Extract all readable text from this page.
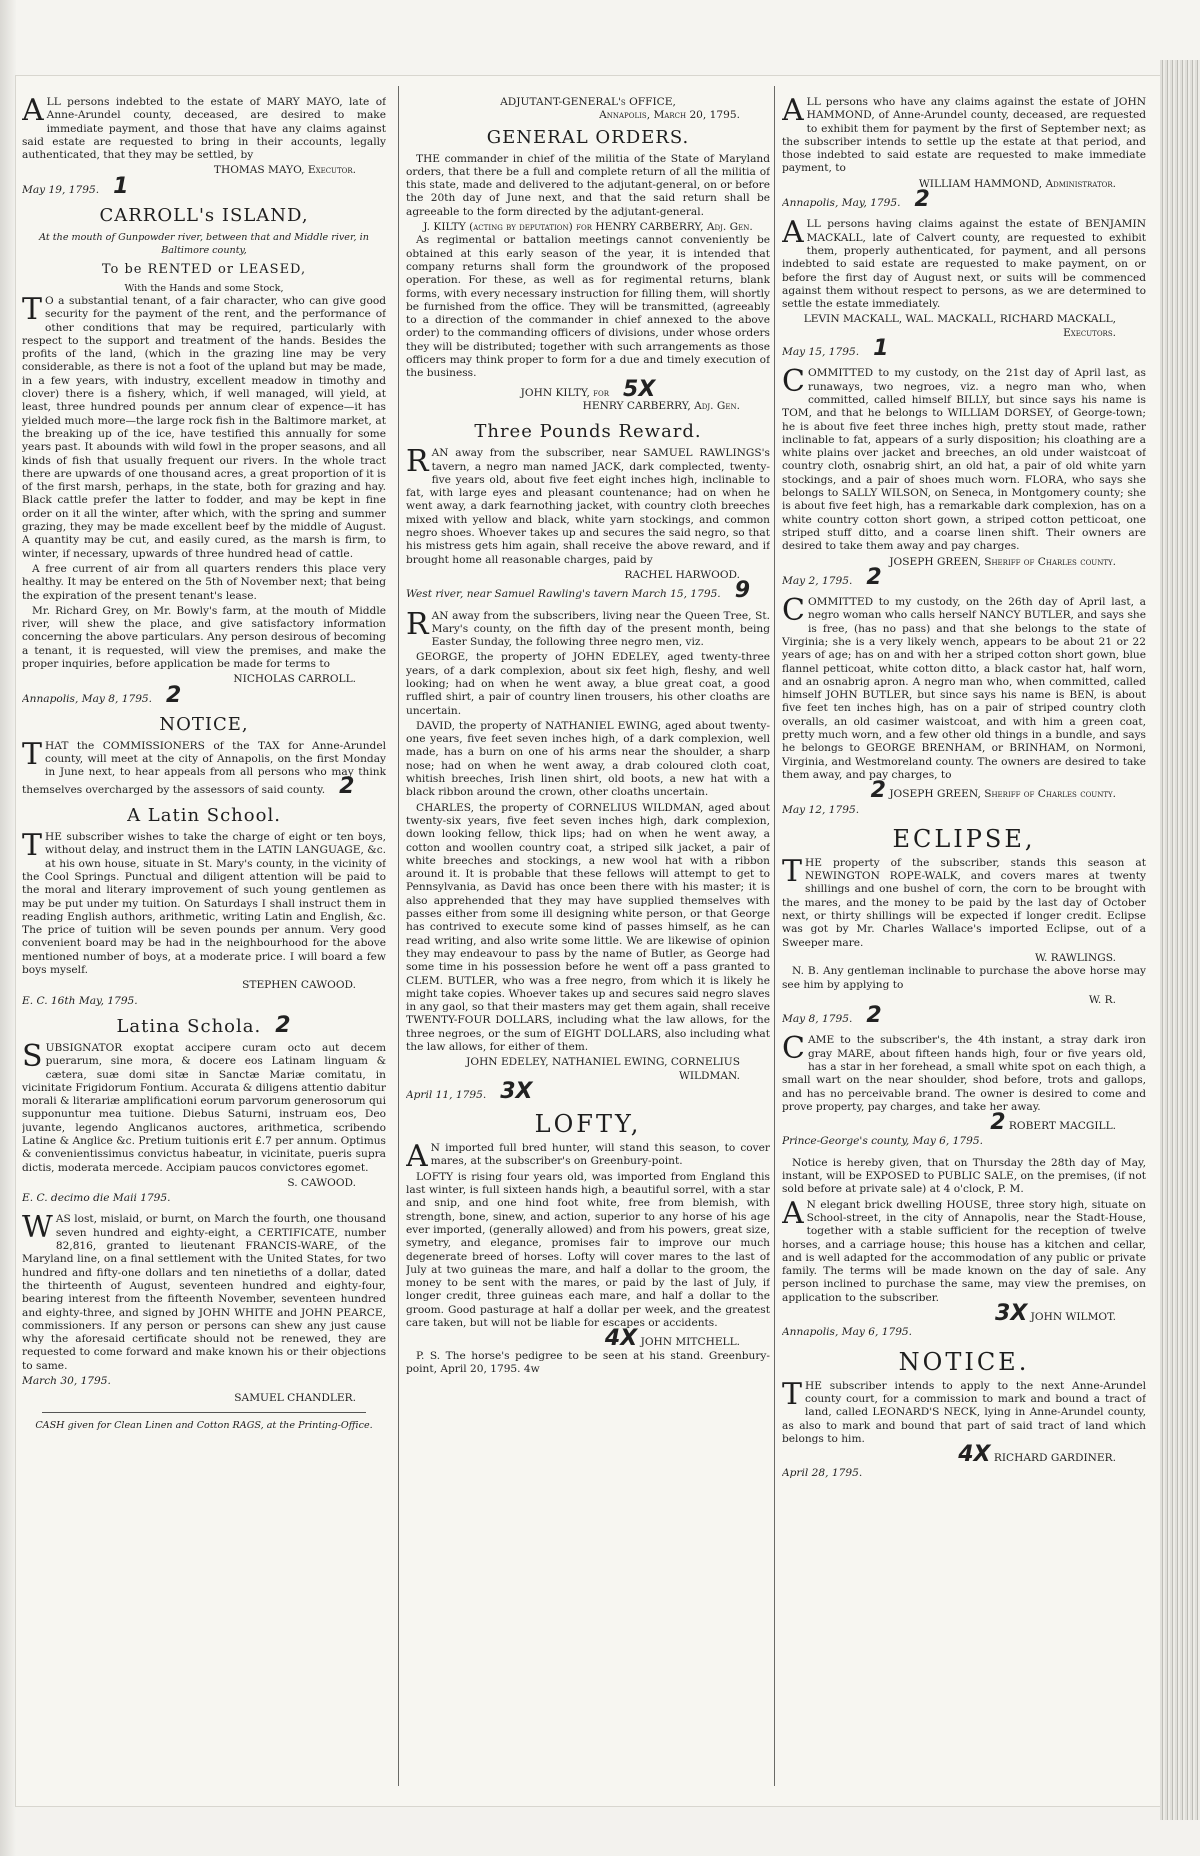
ALL persons indebted to the estate of MARY MAYO, late of Anne-Arundel county, deceased, are desired to make immediate payment, and those that have any claims against said estate are requested to bring in their accounts, legally authenticated, that they may be settled, by

THOMAS MAYO, Executor.
May 19, 1795. 1
CARROLL's ISLAND,
At the mouth of Gunpowder river, between that and Middle river, in Baltimore county,
To be RENTED or LEASED,
With the Hands and some Stock,

T O a substantial tenant, of a fair character, who can give good security for the payment of the rent, and the performance of other conditions that may be required, particularly with respect to the support and treatment of the hands. Besides the profits of the land, (which in the grazing line may be very considerable, as there is not a foot of the upland but may be made, in a few years, with industry, excellent meadow in timothy and clover) there is a fishery, which, if well managed, will yield, at least, three hundred pounds per annum clear of expence—it has yielded much more—the large rock fish in the Baltimore market, at the breaking up of the ice, have testified this annually for some years past. It abounds with wild fowl in the proper seasons, and all kinds of fish that usually frequent our rivers. In the whole tract there are upwards of one thousand acres, a great proportion of it is of the first marsh, perhaps, in the state, both for grazing and hay. Black cattle prefer the latter to fodder, and may be kept in fine order on it all the winter, after which, with the spring and summer grazing, they may be made excellent beef by the middle of August. A quantity may be cut, and easily cured, as the marsh is firm, to winter, if necessary, upwards of three hundred head of cattle.

A free current of air from all quarters renders this place very healthy. It may be entered on the 5th of November next; that being the expiration of the present tenant's lease.

Mr. Richard Grey, on Mr. Bowly's farm, at the mouth of Middle river, will shew the place, and give satisfactory information concerning the above particulars. Any person desirous of becoming a tenant, it is requested, will view the premises, and make the proper inquiries, before application be made for terms to

NICHOLAS CARROLL.
Annapolis, May 8, 1795. 2
NOTICE,

THAT the COMMISSIONERS of the TAX for Anne-Arundel county, will meet at the city of Annapolis, on the first Monday in June next, to hear appeals from all persons who may think themselves overcharged by the assessors of said county. 2

A Latin School.

THE subscriber wishes to take the charge of eight or ten boys, without delay, and instruct them in the LATIN LANGUAGE, &c. at his own house, situate in St. Mary's county, in the vicinity of the Cool Springs. Punctual and diligent attention will be paid to the moral and literary improvement of such young gentlemen as may be put under my tuition. On Saturdays I shall instruct them in reading English authors, arithmetic, writing Latin and English, &c. The price of tuition will be seven pounds per annum. Very good convenient board may be had in the neighbourhood for the above mentioned number of boys, at a moderate price. I will board a few boys myself.

STEPHEN CAWOOD.
E. C. 16th May, 1795.
Latina Schola. 2

SUBSIGNATOR exoptat accipere curam octo aut decem puerarum, sine mora, & docere eos Latinam linguam & cætera, suæ domi sitæ in Sanctæ Mariæ comitatu, in vicinitate Frigidorum Fontium. Accurata & diligens attentio dabitur morali & literariæ amplificationi eorum parvorum generosorum qui supponuntur mea tuitione. Diebus Saturni, instruam eos, Deo juvante, legendo Anglicanos auctores, arithmetica, scribendo Latine & Anglice &c. Pretium tuitionis erit £.7 per annum. Optimus & convenientissimus convictus habeatur, in vicinitate, pueris supra dictis, moderata mercede. Accipiam paucos convictores egomet.

S. CAWOOD.
E. C. decimo die Maii 1795.

WAS lost, mislaid, or burnt, on March the fourth, one thousand seven hundred and eighty-eight, a CERTIFICATE, number 82,816, granted to lieutenant FRANCIS-WARE, of the Maryland line, on a final settlement with the United States, for two hundred and fifty-one dollars and ten ninetieths of a dollar, dated the thirteenth of August, seventeen hundred and eighty-four, bearing interest from the fifteenth November, seventeen hundred and eighty-three, and signed by JOHN WHITE and JOHN PEARCE, commissioners. If any person or persons can shew any just cause why the aforesaid certificate should not be renewed, they are requested to come forward and make known his or their objections to same.

March 30, 1795.
SAMUEL CHANDLER.
CASH given for Clean Linen and Cotton RAGS, at the Printing-Office.
ADJUTANT-GENERAL's OFFICE,
Annapolis, March 20, 1795.
GENERAL ORDERS.

THE commander in chief of the militia of the State of Maryland orders, that there be a full and complete return of all the militia of this state, made and delivered to the adjutant-general, on or before the 20th day of June next, and that the said return shall be agreeable to the form directed by the adjutant-general.

J. KILTY (acting by deputation) for HENRY CARBERRY, Adj. Gen.

As regimental or battalion meetings cannot conveniently be obtained at this early season of the year, it is intended that company returns shall form the groundwork of the proposed operation. For these, as well as for regimental returns, blank forms, with every necessary instruction for filling them, will shortly be furnished from the office. They will be transmitted, (agreeably to a direction of the commander in chief annexed to the above order) to the commanding officers of divisions, under whose orders they will be distributed; together with such arrangements as those officers may think proper to form for a due and timely execution of the business.

JOHN KILTY, for 5X
HENRY CARBERRY, Adj. Gen.
Three Pounds Reward.

RAN away from the subscriber, near SAMUEL RAWLINGS's tavern, a negro man named JACK, dark complected, twenty-five years old, about five feet eight inches high, inclinable to fat, with large eyes and pleasant countenance; had on when he went away, a dark fearnothing jacket, with country cloth breeches mixed with yellow and black, white yarn stockings, and common negro shoes. Whoever takes up and secures the said negro, so that his mistress gets him again, shall receive the above reward, and if brought home all reasonable charges, paid by

RACHEL HARWOOD.
West river, near Samuel Rawling's tavern March 15, 1795. 9

RAN away from the subscribers, living near the Queen Tree, St. Mary's county, on the fifth day of the present month, being Easter Sunday, the following three negro men, viz.

GEORGE, the property of JOHN EDELEY, aged twenty-three years, of a dark complexion, about six feet high, fleshy, and well looking; had on when he went away, a blue great coat, a good ruffled shirt, a pair of country linen trousers, his other cloaths are uncertain.

DAVID, the property of NATHANIEL EWING, aged about twenty-one years, five feet seven inches high, of a dark complexion, well made, has a burn on one of his arms near the shoulder, a sharp nose; had on when he went away, a drab coloured cloth coat, whitish breeches, Irish linen shirt, old boots, a new hat with a black ribbon around the crown, other cloaths uncertain.

CHARLES, the property of CORNELIUS WILDMAN, aged about twenty-six years, five feet seven inches high, dark complexion, down looking fellow, thick lips; had on when he went away, a cotton and woollen country coat, a striped silk jacket, a pair of white breeches and stockings, a new wool hat with a ribbon around it. It is probable that these fellows will attempt to get to Pennsylvania, as David has once been there with his master; it is also apprehended that they may have supplied themselves with passes either from some ill designing white person, or that George has contrived to execute some kind of passes himself, as he can read writing, and also write some little. We are likewise of opinion they may endeavour to pass by the name of Butler, as George had some time in his possession before he went off a pass granted to CLEM. BUTLER, who was a free negro, from which it is likely he might take copies. Whoever takes up and secures said negro slaves in any gaol, so that their masters may get them again, shall receive TWENTY-FOUR DOLLARS, including what the law allows, for the three negroes, or the sum of EIGHT DOLLARS, also including what the law allows, for either of them.

JOHN EDELEY, NATHANIEL EWING, CORNELIUS WILDMAN.
April 11, 1795. 3X
LOFTY,

A N imported full bred hunter, will stand this season, to cover mares, at the subscriber's on Greenbury-point.

LOFTY is rising four years old, was imported from England this last winter, is full sixteen hands high, a beautiful sorrel, with a star and snip, and one hind foot white, free from blemish, with strength, bone, sinew, and action, superior to any horse of his age ever imported, (generally allowed) and from his powers, great size, symetry, and elegance, promises fair to improve our much degenerate breed of horses. Lofty will cover mares to the last of July at two guineas the mare, and half a dollar to the groom, the money to be sent with the mares, or paid by the last of July, if longer credit, three guineas each mare, and half a dollar to the groom. Good pasturage at half a dollar per week, and the greatest care taken, but will not be liable for escapes or accidents.

4X JOHN MITCHELL.

P. S. The horse's pedigree to be seen at his stand. Greenbury-point, April 20, 1795. 4w

ALL persons who have any claims against the estate of JOHN HAMMOND, of Anne-Arundel county, deceased, are requested to exhibit them for payment by the first of September next; as the subscriber intends to settle up the estate at that period, and those indebted to said estate are requested to make immediate payment, to

WILLIAM HAMMOND, Administrator.
Annapolis, May, 1795. 2

ALL persons having claims against the estate of BENJAMIN MACKALL, late of Calvert county, are requested to exhibit them, properly authenticated, for payment, and all persons indebted to said estate are requested to make payment, on or before the first day of August next, or suits will be commenced against them without respect to persons, as we are determined to settle the estate immediately.

LEVIN MACKALL, WAL. MACKALL, RICHARD MACKALL, Executors.
May 15, 1795. 1

COMMITTED to my custody, on the 21st day of April last, as runaways, two negroes, viz. a negro man who, when committed, called himself BILLY, but since says his name is TOM, and that he belongs to WILLIAM DORSEY, of George-town; he is about five feet three inches high, pretty stout made, rather inclinable to fat, appears of a surly disposition; his cloathing are a white plains over jacket and breeches, an old under waistcoat of country cloth, osnabrig shirt, an old hat, a pair of old white yarn stockings, and a pair of shoes much worn. FLORA, who says she belongs to SALLY WILSON, on Seneca, in Montgomery county; she is about five feet high, has a remarkable dark complexion, has on a white country cotton short gown, a striped cotton petticoat, one striped stuff ditto, and a coarse linen shift. Their owners are desired to take them away and pay charges.

JOSEPH GREEN, Sheriff of Charles county.
May 2, 1795. 2

COMMITTED to my custody, on the 26th day of April last, a negro woman who calls herself NANCY BUTLER, and says she is free, (has no pass) and that she belongs to the state of Virginia; she is a very likely wench, appears to be about 21 or 22 years of age; has on and with her a striped cotton short gown, blue flannel petticoat, white cotton ditto, a black castor hat, half worn, and an osnabrig apron. A negro man who, when committed, called himself JOHN BUTLER, but since says his name is BEN, is about five feet ten inches high, has on a pair of striped country cloth overalls, an old casimer waistcoat, and with him a green coat, pretty much worn, and a few other old things in a bundle, and says he belongs to GEORGE BRENHAM, or BRINHAM, on Normoni, Virginia, and Westmoreland county. The owners are desired to take them away, and pay charges, to

2 JOSEPH GREEN, Sheriff of Charles county.
May 12, 1795.
ECLIPSE,

THE property of the subscriber, stands this season at NEWINGTON ROPE-WALK, and covers mares at twenty shillings and one bushel of corn, the corn to be brought with the mares, and the money to be paid by the last day of October next, or thirty shillings will be expected if longer credit. Eclipse was got by Mr. Charles Wallace's imported Eclipse, out of a Sweeper mare.

W. RAWLINGS.

N. B. Any gentleman inclinable to purchase the above horse may see him by applying to

W. R.
May 8, 1795. 2

CAME to the subscriber's, the 4th instant, a stray dark iron gray MARE, about fifteen hands high, four or five years old, has a star in her forehead, a small white spot on each thigh, a small wart on the near shoulder, shod before, trots and gallops, and has no perceivable brand. The owner is desired to come and prove property, pay charges, and take her away.

2 ROBERT MACGILL.
Prince-George's county, May 6, 1795.

Notice is hereby given, that on Thursday the 28th day of May, instant, will be EXPOSED to PUBLIC SALE, on the premises, (if not sold before at private sale) at 4 o'clock, P. M.

A N elegant brick dwelling HOUSE, three story high, situate on School-street, in the city of Annapolis, near the Stadt-House, together with a stable sufficient for the reception of twelve horses, and a carriage house; this house has a kitchen and cellar, and is well adapted for the accommodation of any public or private family. The terms will be made known on the day of sale. Any person inclined to purchase the same, may view the premises, on application to the subscriber.

3X JOHN WILMOT.
Annapolis, May 6, 1795.
NOTICE.

THE subscriber intends to apply to the next Anne-Arundel county court, for a commission to mark and bound a tract of land, called LEONARD'S NECK, lying in Anne-Arundel county, as also to mark and bound that part of said tract of land which belongs to him.

4X RICHARD GARDINER.
April 28, 1795.
